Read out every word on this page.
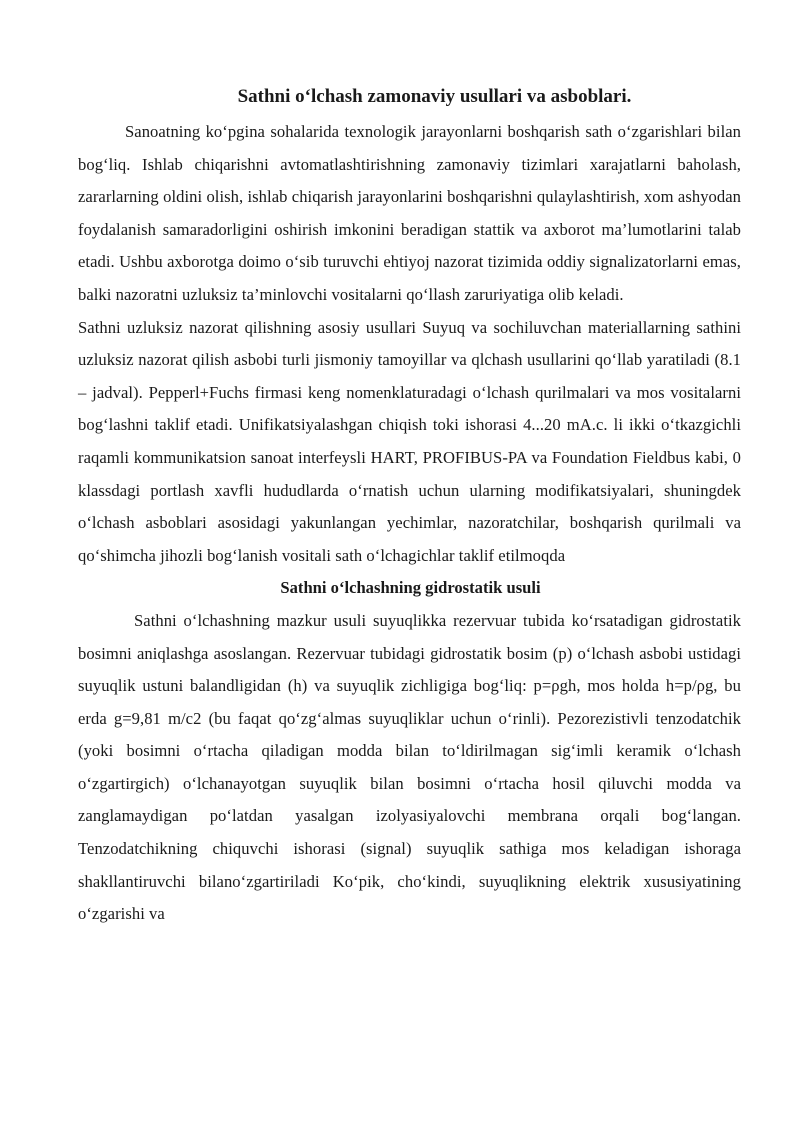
Sathni o‘lchash zamonaviy usullari va asboblari.

Sanoatning ko‘pgina sohalarida texnologik jarayonlarni boshqarish sath o‘zgarishlari bilan bog‘liq. Ishlab chiqarishni avtomatlashtirishning zamonaviy tizimlari xarajatlarni baholash, zararlarning oldini olish, ishlab chiqarish jarayonlarini boshqarishni qulaylashtirish, xom ashyodan foydalanish samaradorligini oshirish imkonini beradigan stattik va axborot ma’lumotlarini talab etadi. Ushbu axborotga doimo o‘sib turuvchi ehtiyoj nazorat tizimida oddiy signalizatorlarni emas, balki nazoratni uzluksiz ta’minlovchi vositalarni qo‘llash zaruriyatiga olib keladi.

Sathni uzluksiz nazorat qilishning asosiy usullari Suyuq va sochiluvchan materiallarning sathini uzluksiz nazorat qilish asbobi turli jismoniy tamoyillar va qlchash usullarini qo‘llab yaratiladi (8.1 – jadval). Pepperl+Fuchs firmasi keng nomenklaturadagi o‘lchash qurilmalari va mos vositalarni bog‘lashni taklif etadi. Unifikatsiyalashgan chiqish toki ishorasi 4...20 mA.c. li ikki o‘tkazgichli raqamli kommunikatsion sanoat interfeysli HART, PROFIBUS-PA va Foundation Fieldbus kabi, 0 klassdagi portlash xavfli hududlarda o‘rnatish uchun ularning modifikatsiyalari, shuningdek o‘lchash asboblari asosidagi yakunlangan yechimlar, nazoratchilar, boshqarish qurilmali va qo‘shimcha jihozli bog‘lanish vositali sath o‘lchagichlar taklif etilmoqda

Sathni o‘lchashning gidrostatik usuli

Sathni o‘lchashning mazkur usuli suyuqlikka rezervuar tubida ko‘rsatadigan gidrostatik bosimni aniqlashga asoslangan. Rezervuar tubidagi gidrostatik bosim (p) o‘lchash asbobi ustidagi suyuqlik ustuni balandligidan (h) va suyuqlik zichligiga bog‘liq: p=ρgh, mos holda h=p/ρg, bu erda g=9,81 m/c2 (bu faqat qo‘zg‘almas suyuqliklar uchun o‘rinli). Pezorezistivli tenzodatchik (yoki bosimni o‘rtacha qiladigan modda bilan to‘ldirilmagan sig‘imli keramik o‘lchash o‘zgartirgich) o‘lchanayotgan suyuqlik bilan bosimni o‘rtacha hosil qiluvchi modda va zanglamaydigan po‘latdan yasalgan izolyasiyalovchi membrana orqali bog‘langan. Tenzodatchikning chiquvchi ishorasi (signal) suyuqlik sathiga mos keladigan ishoraga shakllantiruvchi bilano‘zgartiriladi Ko‘pik, cho‘kindi, suyuqlikning elektrik xususiyatining o‘zgarishi va
